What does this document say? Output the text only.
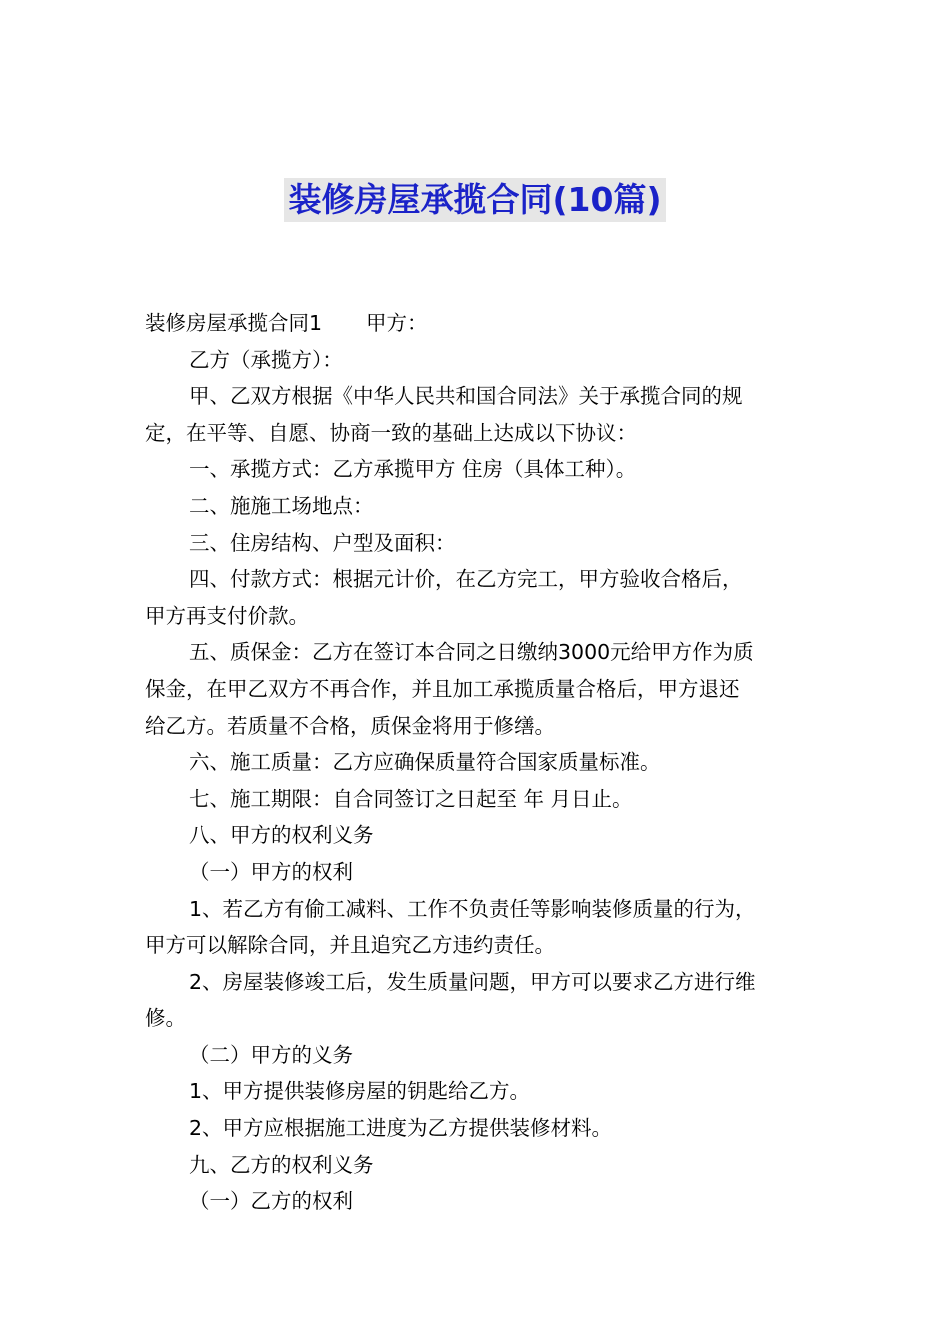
装修房屋承揽合同(10篇)
装修房屋承揽合同1 甲方：
乙方（承揽方）：
甲、乙双方根据《中华人民共和国合同法》关于承揽合同的规
定，在平等、自愿、协商一致的基础上达成以下协议：
一、承揽方式：乙方承揽甲方 住房（具体工种）。
二、施施工场地点：
三、住房结构、户型及面积：
四、付款方式：根据元计价，在乙方完工，甲方验收合格后，
甲方再支付价款。
五、质保金：乙方在签订本合同之日缴纳3000元给甲方作为质
保金，在甲乙双方不再合作，并且加工承揽质量合格后，甲方退还
给乙方。若质量不合格，质保金将用于修缮。
六、施工质量：乙方应确保质量符合国家质量标准。
七、施工期限：自合同签订之日起至 年 月日止。
八、甲方的权利义务
（一）甲方的权利
1、若乙方有偷工减料、工作不负责任等影响装修质量的行为，
甲方可以解除合同，并且追究乙方违约责任。
2、房屋装修竣工后，发生质量问题，甲方可以要求乙方进行维
修。
（二）甲方的义务
1、甲方提供装修房屋的钥匙给乙方。
2、甲方应根据施工进度为乙方提供装修材料。
九、乙方的权利义务
（一）乙方的权利
